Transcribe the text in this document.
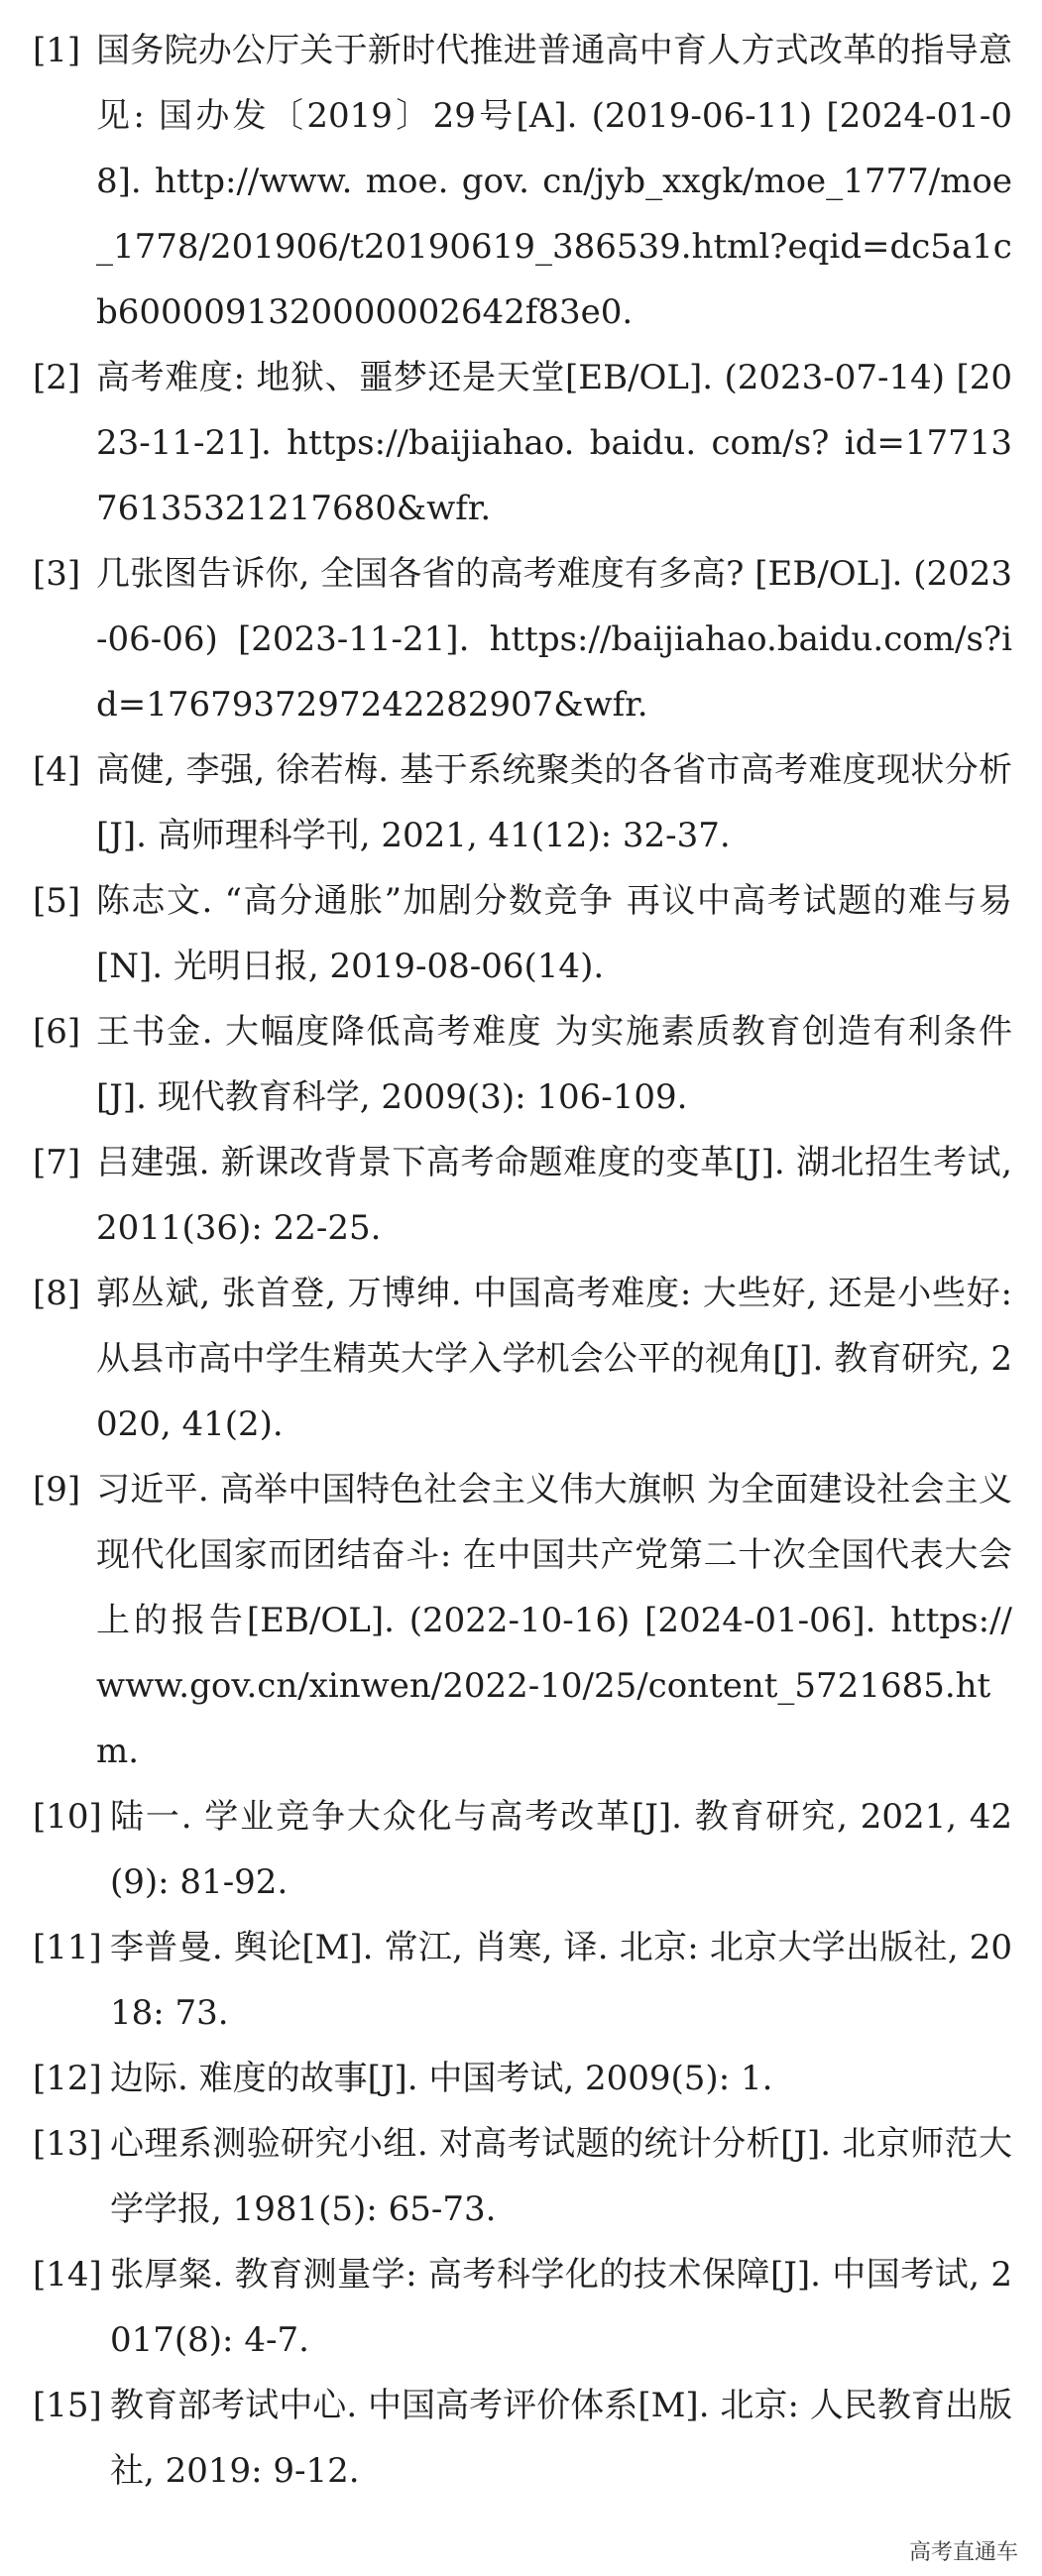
[1] 国务院办公厅关于新时代推进普通高中育人方式改革的指导意见: 国办发〔2019〕29号[A]. (2019-06-11) [2024-01-08]. http://www. moe. gov. cn/jyb_xxgk/moe_1777/moe_1778/201906/t20190619_386539.html?eqid=dc5a1cb6000091320000002642f83e0.
[2] 高考难度: 地狱、噩梦还是天堂[EB/OL]. (2023-07-14) [2023-11-21]. https://baijiahao. baidu. com/s? id=1771376135321217680&wfr.
[3] 几张图告诉你, 全国各省的高考难度有多高? [EB/OL]. (2023-06-06) [2023-11-21]. https://baijiahao.baidu.com/s?id=1767937297242282907&wfr.
[4] 高健, 李强, 徐若梅. 基于系统聚类的各省市高考难度现状分析[J]. 高师理科学刊, 2021, 41(12): 32-37.
[5] 陈志文. “高分通胀”加剧分数竞争 再议中高考试题的难与易[N]. 光明日报, 2019-08-06(14).
[6] 王书金. 大幅度降低高考难度 为实施素质教育创造有利条件[J]. 现代教育科学, 2009(3): 106-109.
[7] 吕建强. 新课改背景下高考命题难度的变革[J]. 湖北招生考试, 2011(36): 22-25.
[8] 郭丛斌, 张首登, 万博绅. 中国高考难度: 大些好, 还是小些好: 从县市高中学生精英大学入学机会公平的视角[J]. 教育研究, 2020, 41(2).
[9] 习近平. 高举中国特色社会主义伟大旗帜 为全面建设社会主义现代化国家而团结奋斗: 在中国共产党第二十次全国代表大会上的报告[EB/OL]. (2022-10-16) [2024-01-06]. https://www.gov.cn/xinwen/2022-10/25/content_5721685.htm.
[10] 陆一. 学业竞争大众化与高考改革[J]. 教育研究, 2021, 42(9): 81-92.
[11] 李普曼. 舆论[M]. 常江, 肖寒, 译. 北京: 北京大学出版社, 2018: 73.
[12] 边际. 难度的故事[J]. 中国考试, 2009(5): 1.
[13] 心理系测验研究小组. 对高考试题的统计分析[J]. 北京师范大学学报, 1981(5): 65-73.
[14] 张厚粲. 教育测量学: 高考科学化的技术保障[J]. 中国考试, 2017(8): 4-7.
[15] 教育部考试中心. 中国高考评价体系[M]. 北京: 人民教育出版社, 2019: 9-12.
高考直通车
